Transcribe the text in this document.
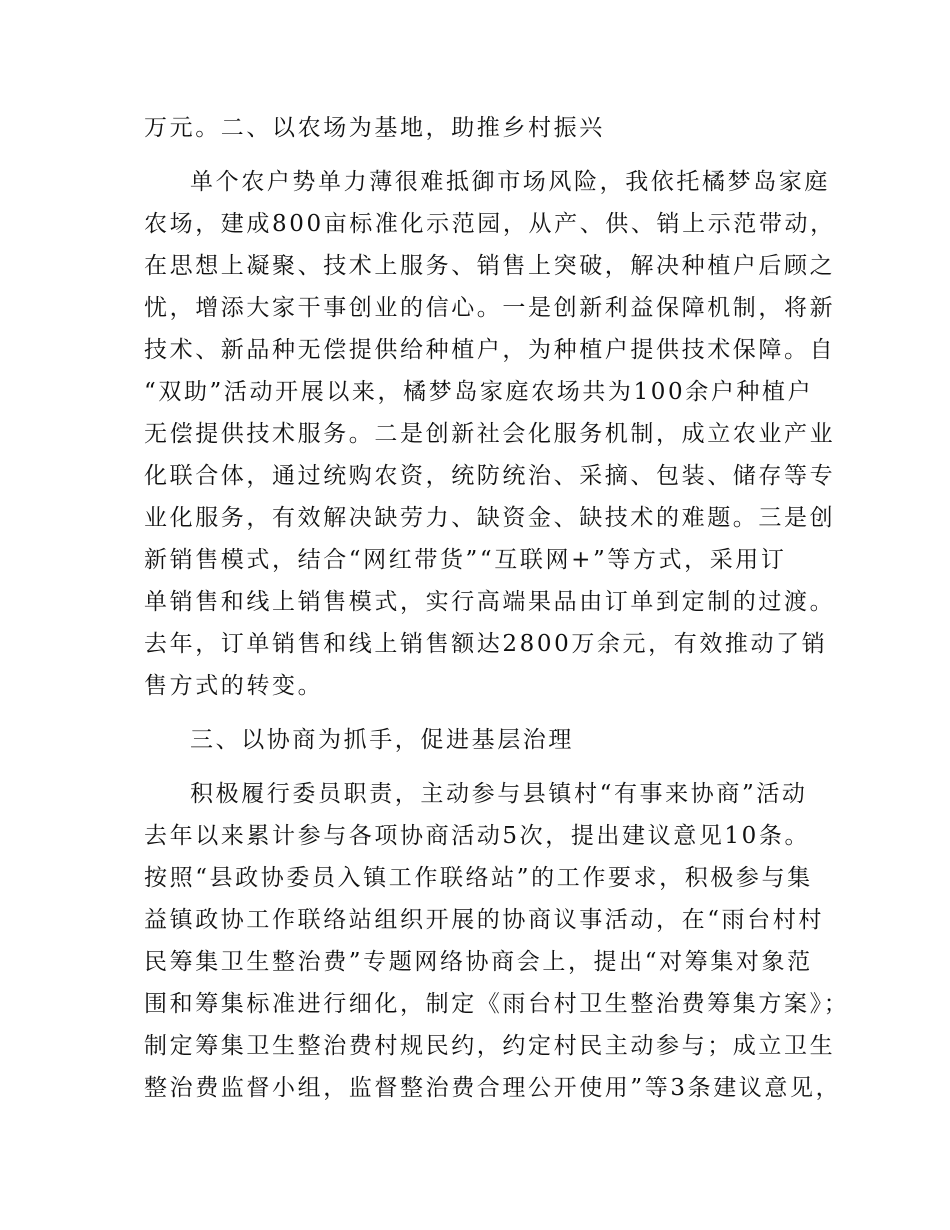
万元。二、以农场为基地，助推乡村振兴
单个农户势单力薄很难抵御市场风险，我依托橘梦岛家庭
农场，建成800亩标准化示范园，从产、供、销上示范带动，
在思想上凝聚、技术上服务、销售上突破，解决种植户后顾之
忧，增添大家干事创业的信心。一是创新利益保障机制，将新
技术、新品种无偿提供给种植户，为种植户提供技术保障。自
“双助”活动开展以来，橘梦岛家庭农场共为100余户种植户
无偿提供技术服务。二是创新社会化服务机制，成立农业产业
化联合体，通过统购农资，统防统治、采摘、包装、储存等专
业化服务，有效解决缺劳力、缺资金、缺技术的难题。三是创
新销售模式，结合“网红带货”“互联网+”等方式，采用订
单销售和线上销售模式，实行高端果品由订单到定制的过渡。
去年，订单销售和线上销售额达2800万余元，有效推动了销
售方式的转变。
三、以协商为抓手，促进基层治理
积极履行委员职责，主动参与县镇村“有事来协商”活动
去年以来累计参与各项协商活动5次，提出建议意见10条。
按照“县政协委员入镇工作联络站”的工作要求，积极参与集
益镇政协工作联络站组织开展的协商议事活动，在“雨台村村
民筹集卫生整治费”专题网络协商会上，提出“对筹集对象范
围和筹集标准进行细化，制定《雨台村卫生整治费筹集方案》；
制定筹集卫生整治费村规民约，约定村民主动参与；成立卫生
整治费监督小组，监督整治费合理公开使用”等3条建议意见，
